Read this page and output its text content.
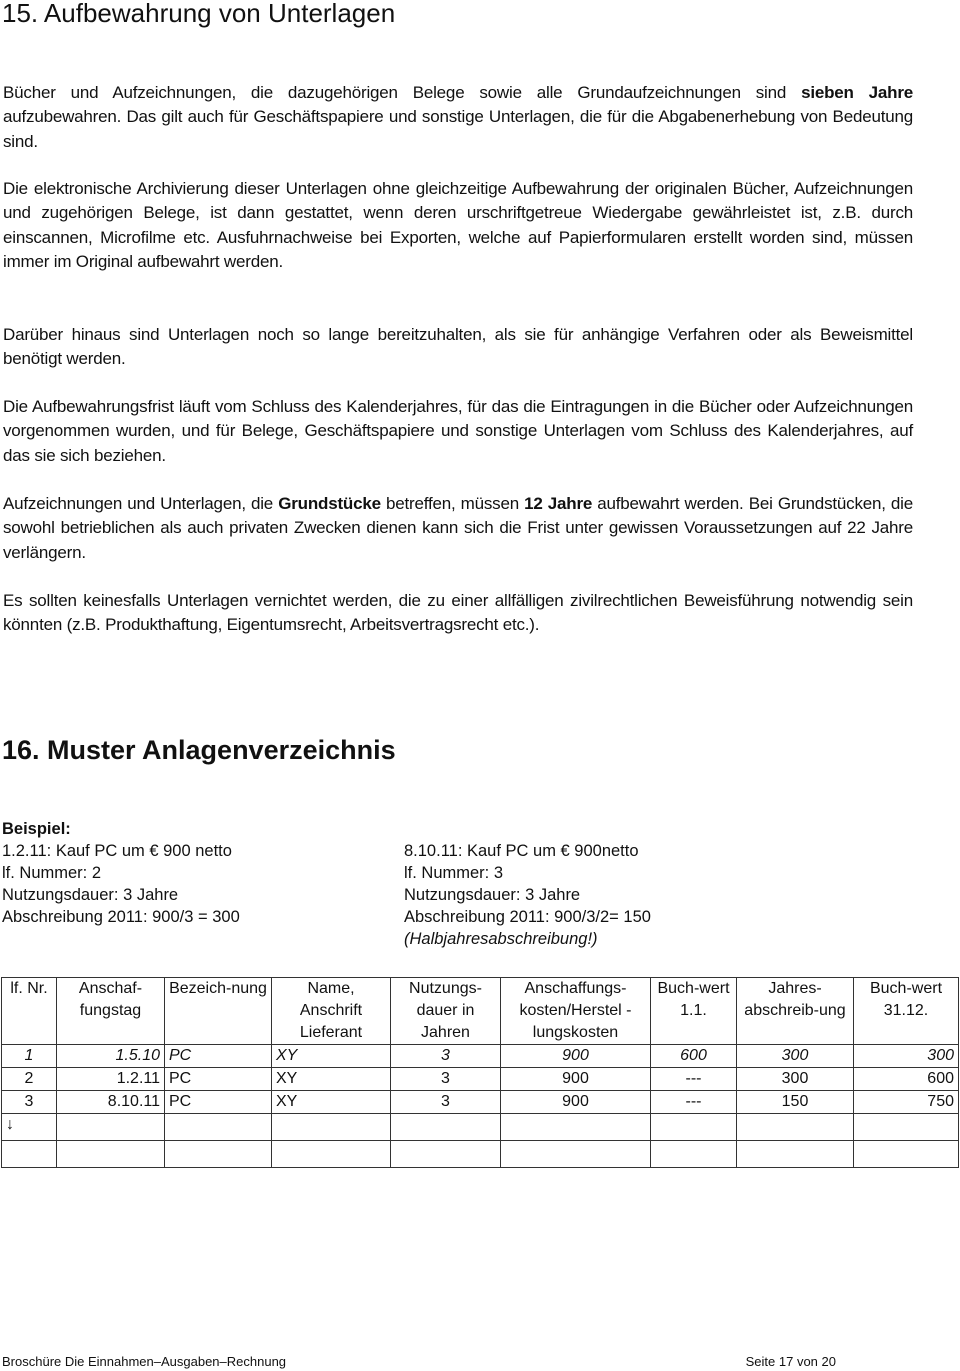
15. Aufbewahrung von Unterlagen
Bücher und Aufzeichnungen, die dazugehörigen Belege sowie alle Grundaufzeichnungen sind sieben Jahre aufzubewahren. Das gilt auch für Geschäftspapiere und sonstige Unterlagen, die für die Abgabenerhebung von Bedeutung sind.
Die elektronische Archivierung dieser Unterlagen ohne gleichzeitige Aufbewahrung der originalen Bücher, Aufzeichnungen und zugehörigen Belege, ist dann gestattet, wenn deren urschriftgetreue Wiedergabe gewährleistet ist, z.B. durch einscannen, Microfilme etc. Ausfuhrnachweise bei Exporten, welche auf Papierformularen erstellt worden sind, müssen immer im Original aufbewahrt werden.
Darüber hinaus sind Unterlagen noch so lange bereitzuhalten, als sie für anhängige Verfahren oder als Beweismittel benötigt werden.
Die Aufbewahrungsfrist läuft vom Schluss des Kalenderjahres, für das die Eintragungen in die Bücher oder Aufzeichnungen vorgenommen wurden, und für Belege, Geschäftspapiere und sonstige Unterlagen vom Schluss des Kalenderjahres, auf das sie sich beziehen.
Aufzeichnungen und Unterlagen, die Grundstücke betreffen, müssen 12 Jahre aufbewahrt werden. Bei Grundstücken, die sowohl betrieblichen als auch privaten Zwecken dienen kann sich die Frist unter gewissen Voraussetzungen auf 22 Jahre verlängern.
Es sollten keinesfalls Unterlagen vernichtet werden, die zu einer allfälligen zivilrechtlichen Beweisführung notwendig sein könnten (z.B. Produkthaftung, Eigentumsrecht, Arbeitsvertragsrecht etc.).
16. Muster Anlagenverzeichnis
Beispiel:
1.2.11: Kauf PC um € 900 netto
lf. Nummer: 2
Nutzungsdauer: 3 Jahre
Abschreibung 2011: 900/3 = 300
8.10.11: Kauf PC um € 900netto
lf. Nummer: 3
Nutzungsdauer: 3 Jahre
Abschreibung 2011: 900/3/2= 150
(Halbjahresabschreibung!)
lf. Nr.	Anschaf-fungstag	Bezeich-nung	Name, Anschrift Lieferant	Nutzungs-dauer in Jahren	Anschaffungs-kosten/Herstel -lungskosten	Buch-wert 1.1.	Jahres-abschreib-ung	Buch-wert 31.12.
1	1.5.10	PC	XY	3	900	600	300	300
2	1.2.11	PC	XY	3	900	---	300	600
3	8.10.11	PC	XY	3	900	---	150	750
↓								

Broschüre Die Einnahmen–Ausgaben–Rechnung	Seite 17 von 20
